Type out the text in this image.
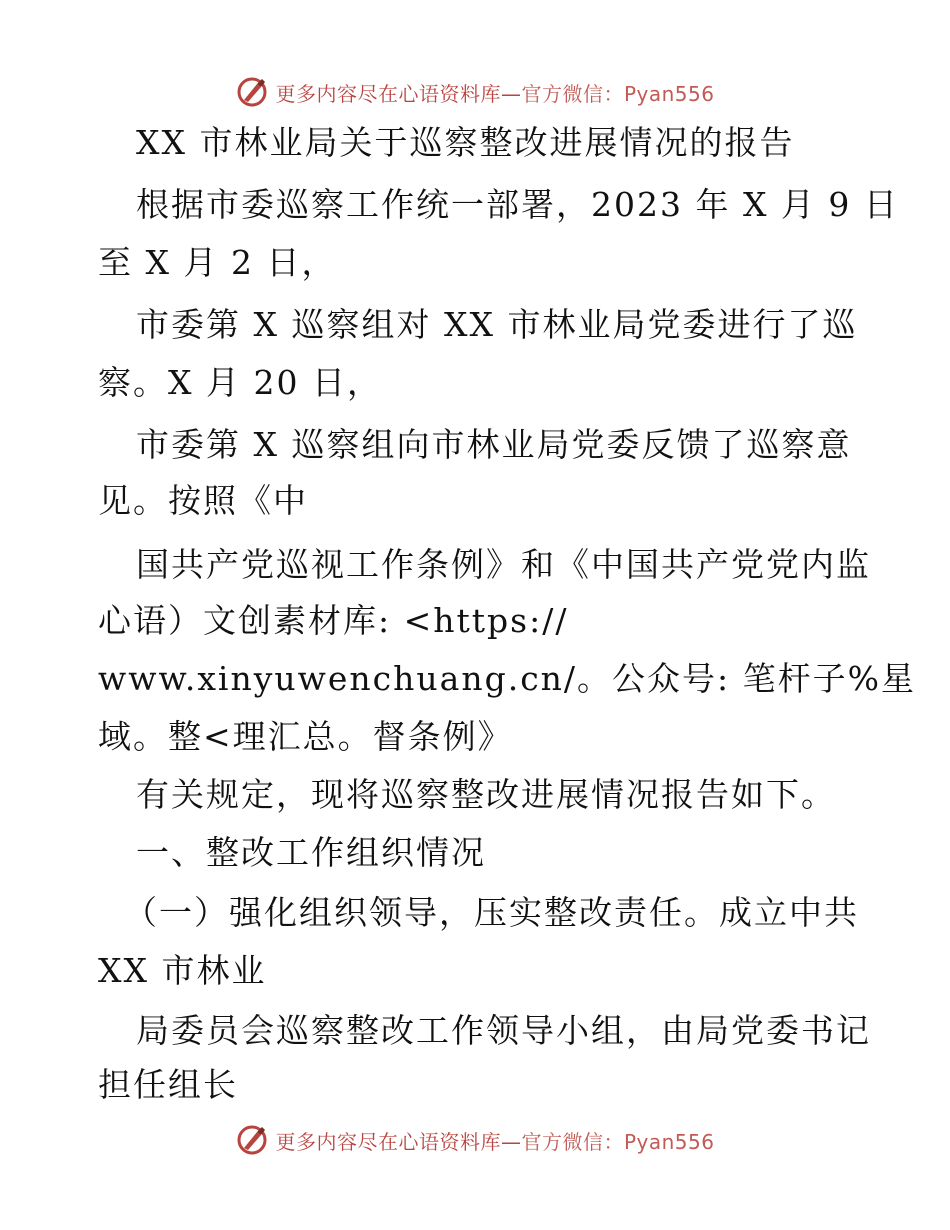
更多内容尽在心语资料库—官方微信：Pyan556
XX 市林业局关于巡察整改进展情况的报告
根据市委巡察工作统一部署，2023 年 X 月 9 日
至 X 月 2 日，
市委第 X 巡察组对 XX 市林业局党委进行了巡
察。X 月 20 日，
市委第 X 巡察组向市林业局党委反馈了巡察意
见。按照《中
国共产党巡视工作条例》和《中国共产党党内监
心语）文创素材库: <https://
www.xinyuwenchuang.cn/。公众号: 笔杆子%星
域。整<理汇总。督条例》
有关规定，现将巡察整改进展情况报告如下。
一、整改工作组织情况
（一）强化组织领导，压实整改责任。成立中共
XX 市林业
局委员会巡察整改工作领导小组，由局党委书记
担任组长
更多内容尽在心语资料库—官方微信：Pyan556
